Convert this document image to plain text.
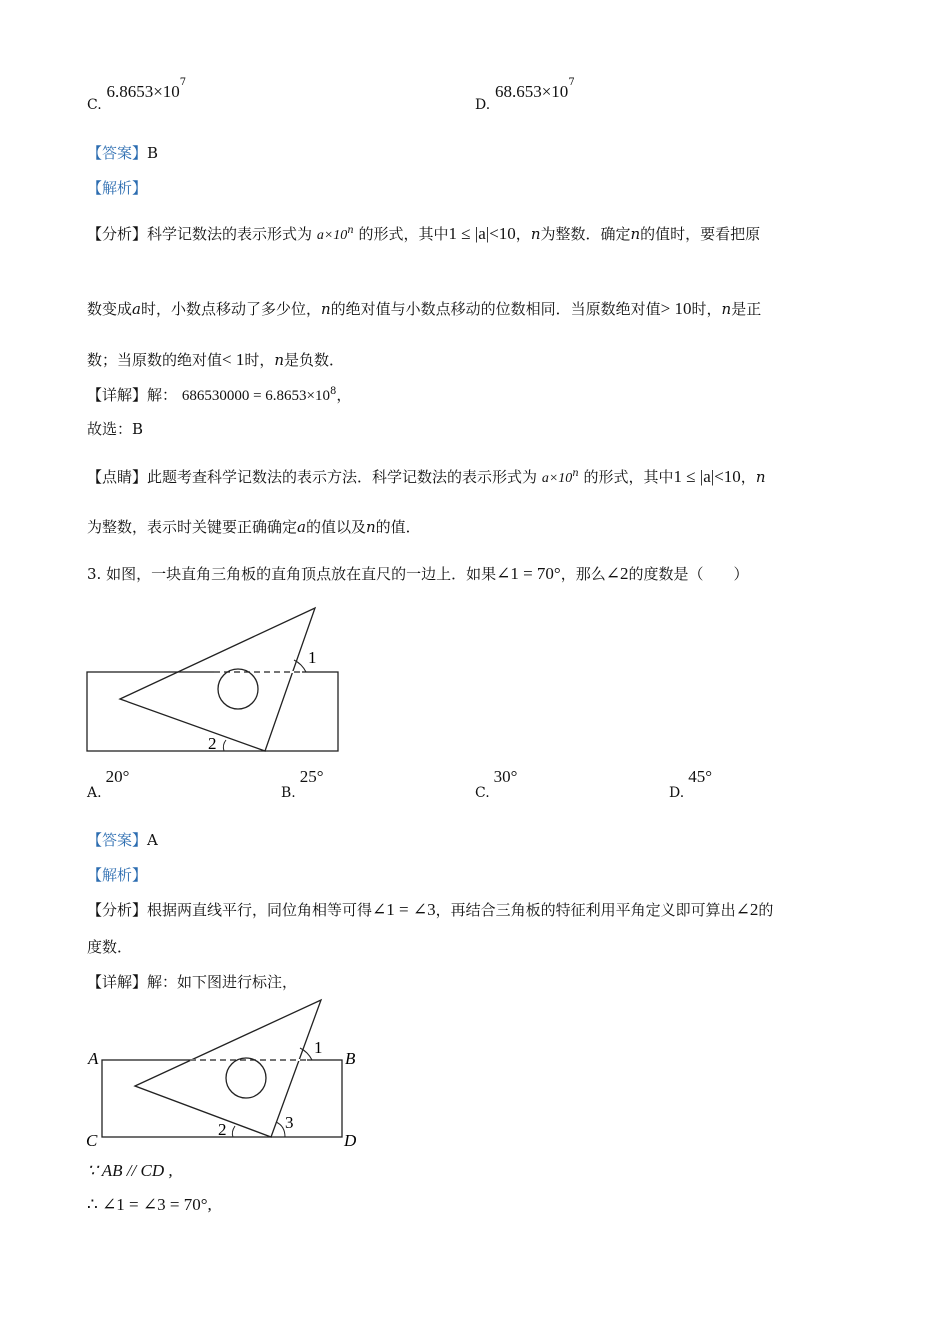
C. $6.8653\times 10^7$
D. $68.653\times 10^7$
【答案】B
【解析】
【分析】科学记数法的表示形式为 $a\times 10^n$ 的形式，其中1 ≤ |a|<10，n为整数．确定n的值时，要看把原
数变成a时，小数点移动了多少位，n的绝对值与小数点移动的位数相同．当原数绝对值> 10时，n是正
数；当原数的绝对值< 1时，n是负数．
【详解】解： $686530000 = 6.8653\times 10^8$，
故选：B
【点睛】此题考查科学记数法的表示方法．科学记数法的表示形式为 $a\times 10^n$ 的形式，其中1 ≤ |a|<10，n
为整数，表示时关键要正确确定a的值以及n的值．
3. 如图，一块直角三角板的直角顶点放在直尺的一边上．如果∠1 = 70°，那么∠2的度数是（　　）
1
2
A.20°
B.25°
C.30°
D.45°
【答案】A
【解析】
【分析】根据两直线平行，同位角相等可得∠1 = ∠3，再结合三角板的特征利用平角定义即可算出∠2的
度数．
【详解】解：如下图进行标注，
A	B
C	D
1
2	3
∵ AB // CD ,
∴ ∠1 = ∠3 = 70°,
